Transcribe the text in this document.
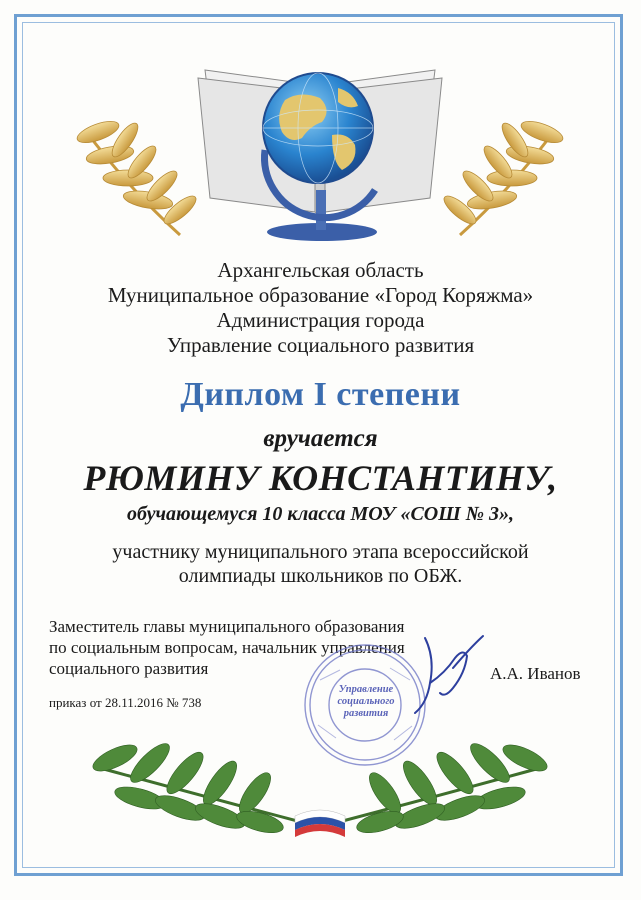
Архангельская область
Муниципальное образование «Город Коряжма»
Администрация города
Управление социального развития
Диплом I степени
вручается
РЮМИНУ КОНСТАНТИНУ,
обучающемуся 10 класса МОУ «СОШ № 3»,
участнику муниципального этапа всероссийской
олимпиады школьников по ОБЖ.
Заместитель главы муниципального образования
по социальным вопросам, начальник управления
социального развития
Управление
социального
развития
А.А. Иванов
приказ от 28.11.2016 № 738
